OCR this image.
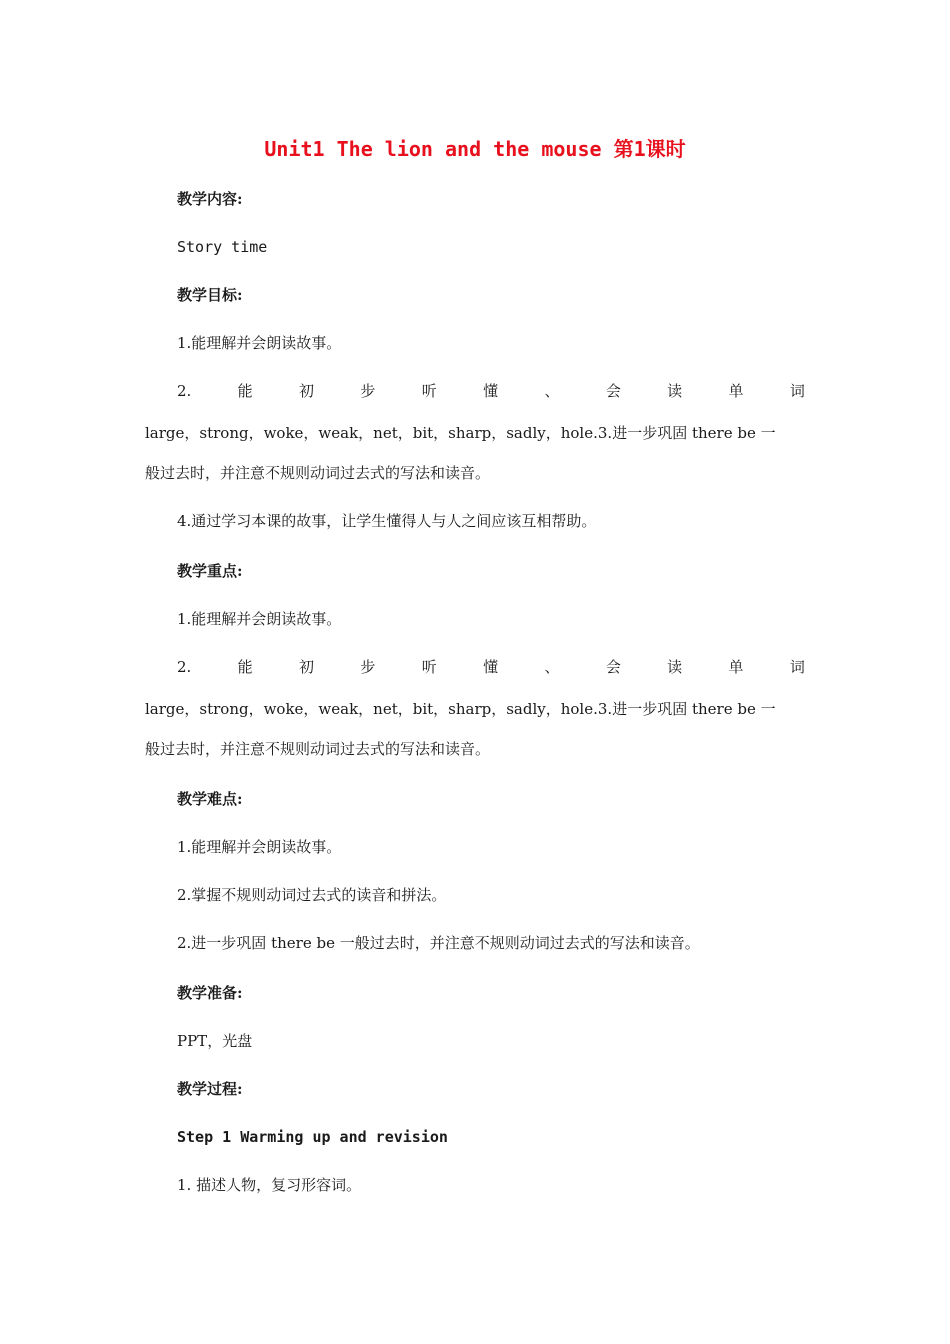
Unit1 The lion and the mouse 第1课时
教学内容:
Story time
教学目标:
1.能理解并会朗读故事。
2.	能	初	步	听	懂	、	会	读	单	词
large，strong，woke，weak，net，bit，sharp，sadly，hole.3.进一步巩固 there be 一
般过去时，并注意不规则动词过去式的写法和读音。
4.通过学习本课的故事，让学生懂得人与人之间应该互相帮助。
教学重点:
1.能理解并会朗读故事。
2.	能	初	步	听	懂	、	会	读	单	词
large，strong，woke，weak，net，bit，sharp，sadly，hole.3.进一步巩固 there be 一
般过去时，并注意不规则动词过去式的写法和读音。
教学难点:
1.能理解并会朗读故事。
2.掌握不规则动词过去式的读音和拼法。
2.进一步巩固 there be 一般过去时，并注意不规则动词过去式的写法和读音。
教学准备:
PPT，光盘
教学过程:
Step 1 Warming up and revision
1. 描述人物，复习形容词。
